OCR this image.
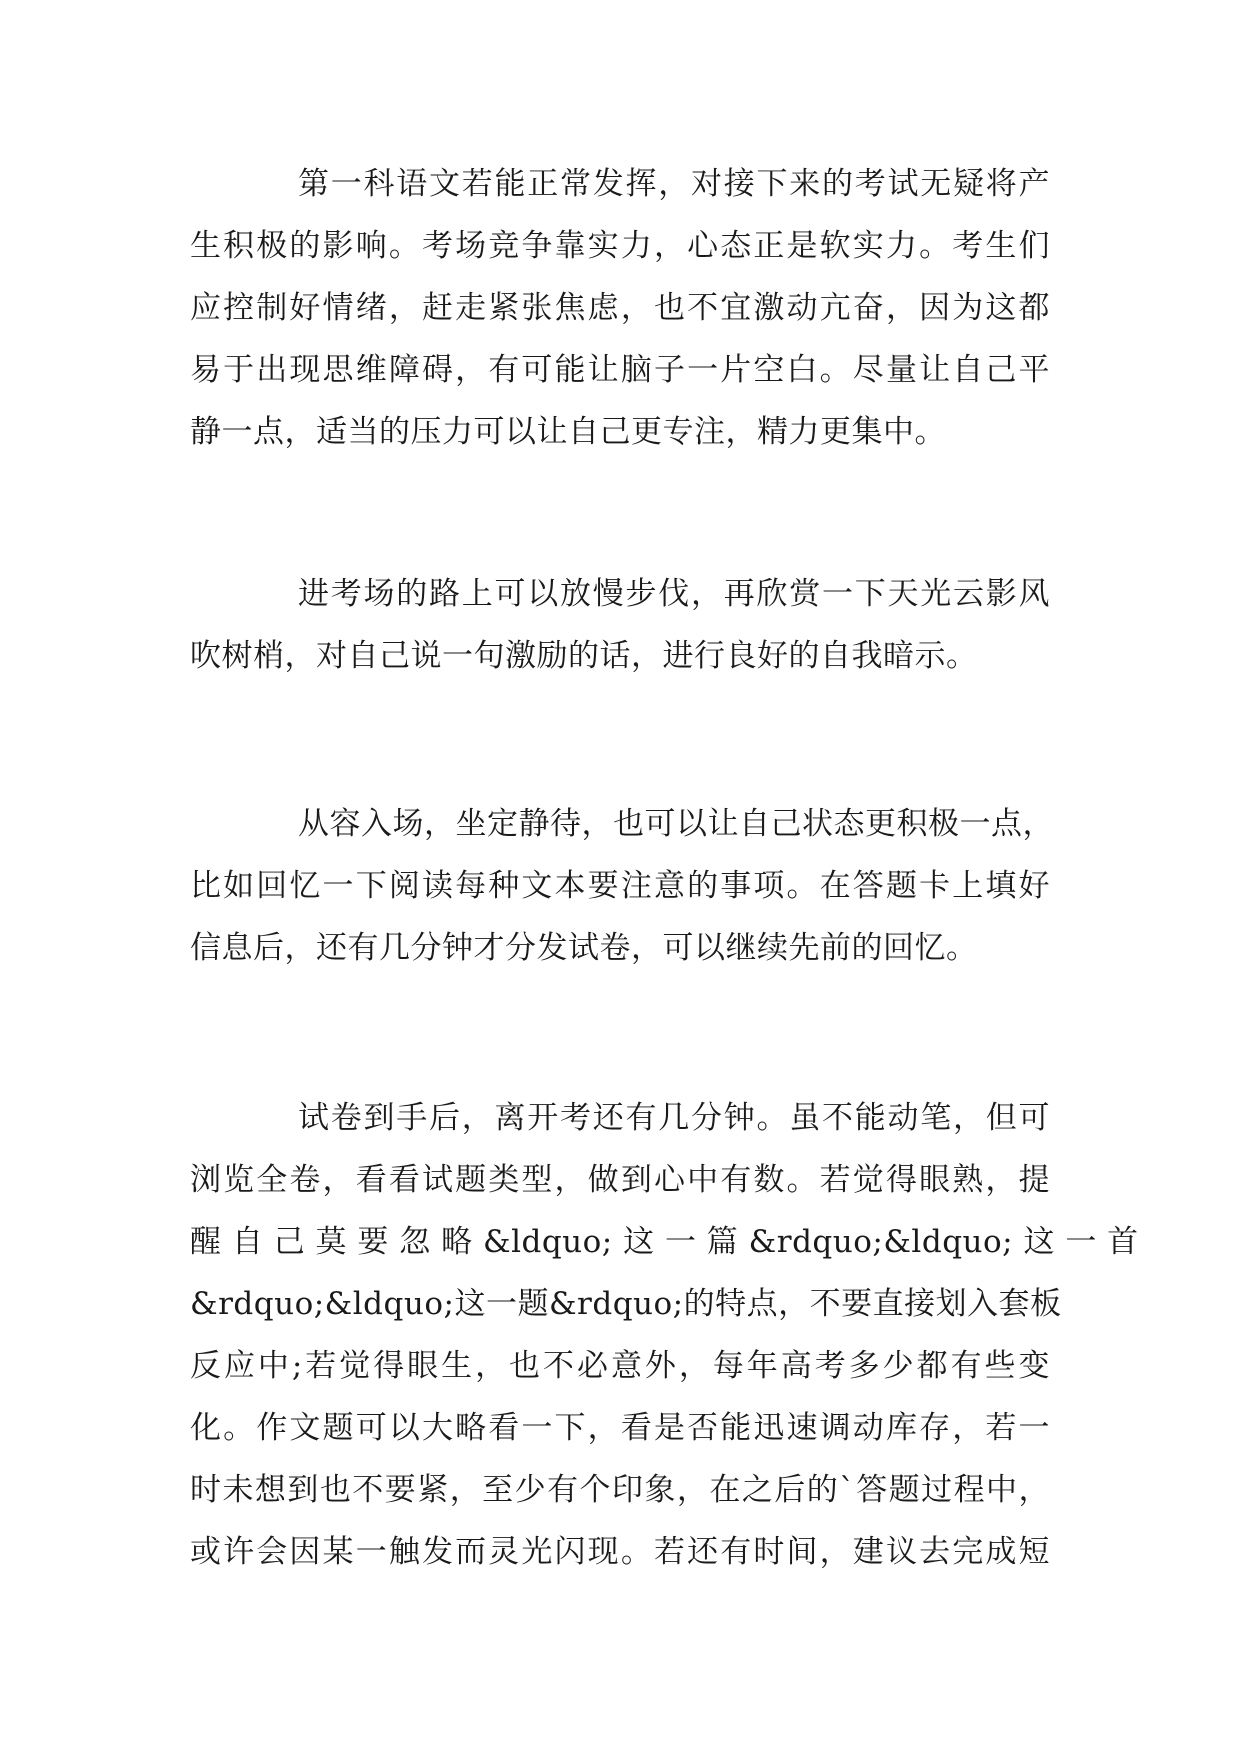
第一科语文若能正常发挥，对接下来的考试无疑将产
生积极的影响。考场竞争靠实力，心态正是软实力。考生们
应控制好情绪，赶走紧张焦虑，也不宜激动亢奋，因为这都
易于出现思维障碍，有可能让脑子一片空白。尽量让自己平
静一点，适当的压力可以让自己更专注，精力更集中。
进考场的路上可以放慢步伐，再欣赏一下天光云影风
吹树梢，对自己说一句激励的话，进行良好的自我暗示。
从容入场，坐定静待，也可以让自己状态更积极一点，
比如回忆一下阅读每种文本要注意的事项。在答题卡上填好
信息后，还有几分钟才分发试卷，可以继续先前的回忆。
试卷到手后，离开考还有几分钟。虽不能动笔，但可
浏览全卷，看看试题类型，做到心中有数。若觉得眼熟，提
醒 自 己 莫 要 忽 略 &ldquo; 这 一 篇 &rdquo;&ldquo; 这 一 首
&rdquo;&ldquo;这一题&rdquo;的特点，不要直接划入套板
反应中;若觉得眼生，也不必意外，每年高考多少都有些变
化。作文题可以大略看一下，看是否能迅速调动库存，若一
时未想到也不要紧，至少有个印象，在之后的`答题过程中，
或许会因某一触发而灵光闪现。若还有时间，建议去完成短
